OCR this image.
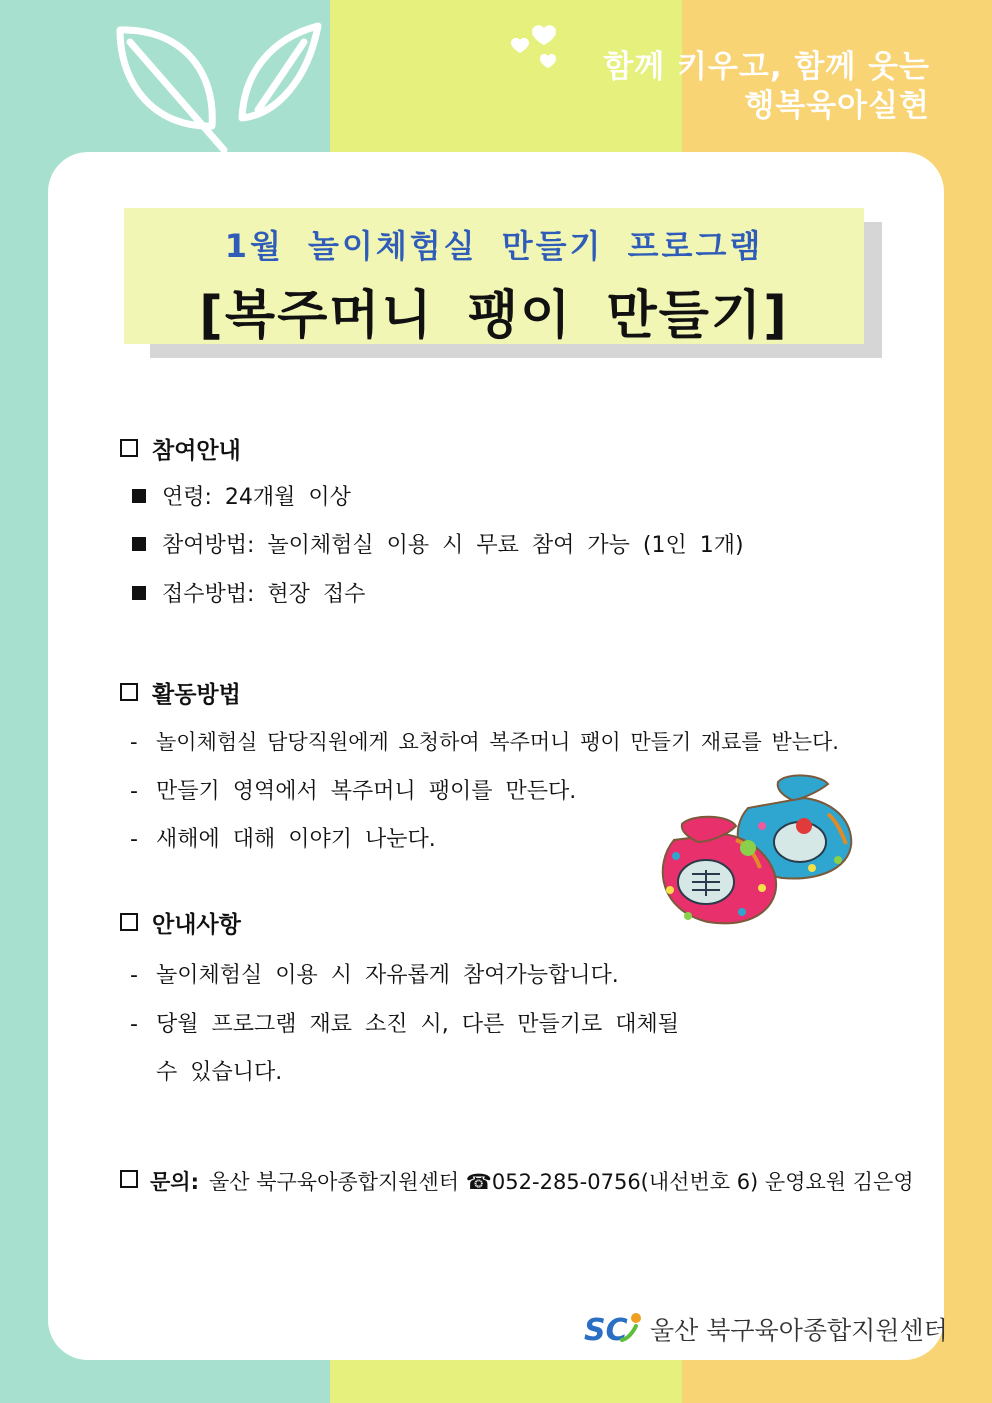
함께 키우고, 함께 웃는
행복육아실현
1월 놀이체험실 만들기 프로그램
[복주머니 팽이 만들기]
참여안내
연령: 24개월 이상
참여방법: 놀이체험실 이용 시 무료 참여 가능 (1인 1개)
접수방법: 현장 접수
활동방법
- 놀이체험실 담당직원에게 요청하여 복주머니 팽이 만들기 재료를 받는다.
- 만들기 영역에서 복주머니 팽이를 만든다.
- 새해에 대해 이야기 나눈다.
안내사항
- 놀이체험실 이용 시 자유롭게 참여가능합니다.
- 당월 프로그램 재료 소진 시, 다른 만들기로 대체될
수 있습니다.
문의: 울산 북구육아종합지원센터 ☎052-285-0756(내선번호 6) 운영요원 김은영
SC 울산 북구육아종합지원센터
